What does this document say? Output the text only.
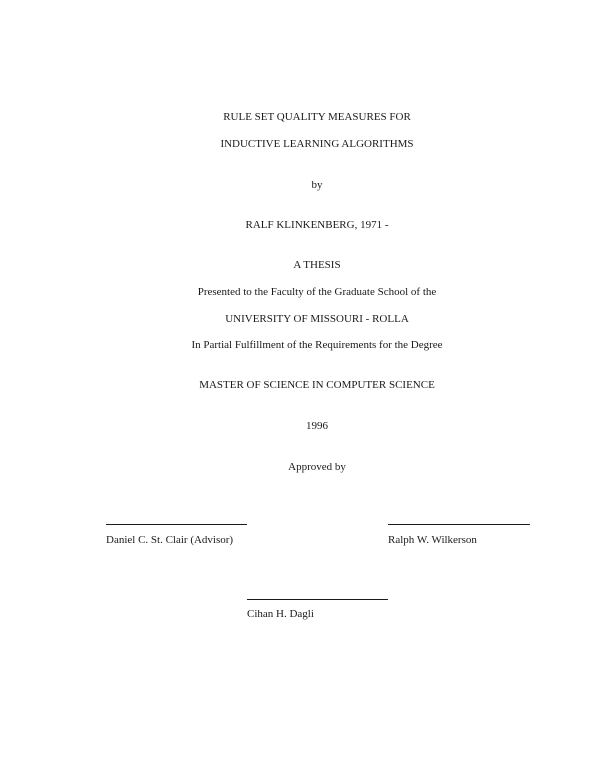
RULE SET QUALITY MEASURES FOR
INDUCTIVE LEARNING ALGORITHMS
by
RALF KLINKENBERG, 1971 -
A THESIS
Presented to the Faculty of the Graduate School of the
UNIVERSITY OF MISSOURI - ROLLA
In Partial Fulfillment of the Requirements for the Degree
MASTER OF SCIENCE IN COMPUTER SCIENCE
1996
Approved by
Daniel C. St. Clair (Advisor)	Ralph W. Wilkerson
Cihan H. Dagli
